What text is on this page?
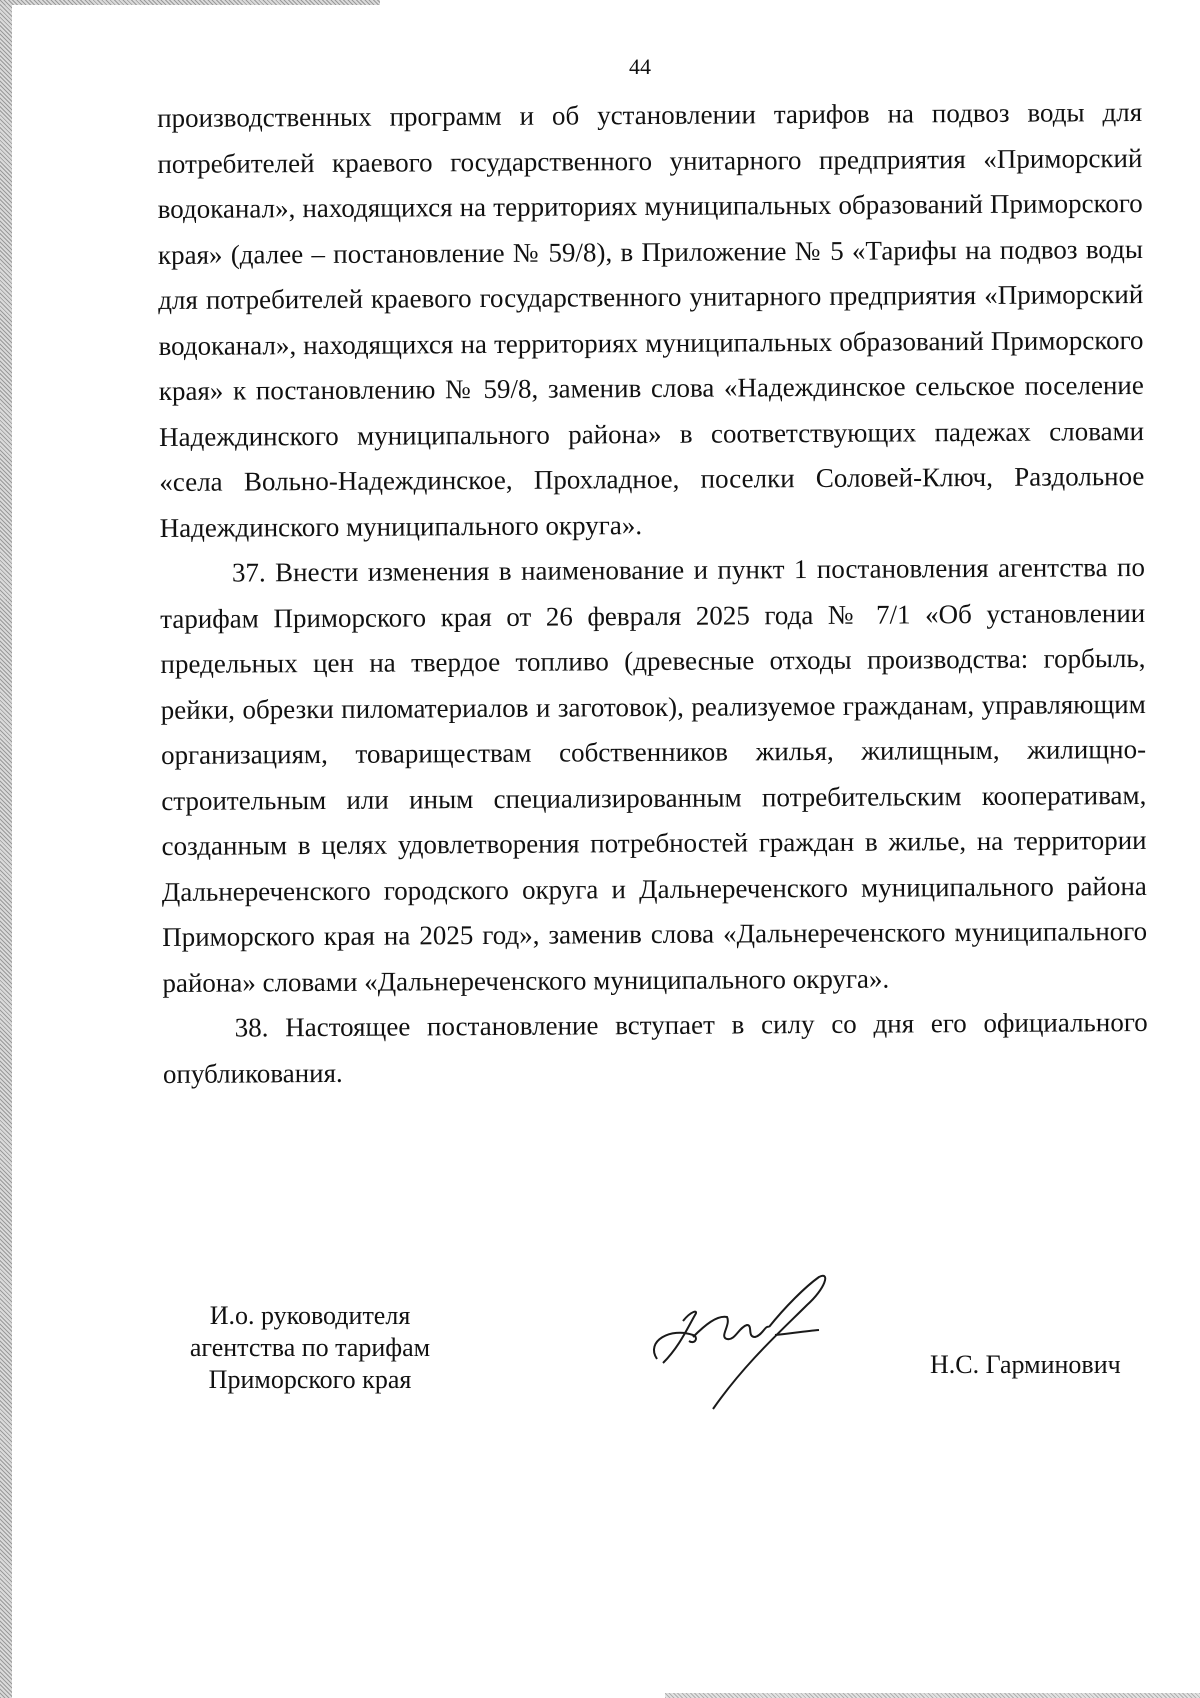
44

производственных программ и об установлении тарифов на подвоз воды для потребителей краевого государственного унитарного предприятия «Приморский водоканал», находящихся на территориях муниципальных образований Приморского края» (далее – постановление № 59/8), в Приложение № 5 «Тарифы на подвоз воды для потребителей краевого государственного унитарного предприятия «Приморский водоканал», находящихся на территориях муниципальных образований Приморского края» к постановлению № 59/8, заменив слова «Надеждинское сельское поселение Надеждинского муниципального района» в соответствующих падежах словами «села Вольно-Надеждинское, Прохладное, поселки Соловей-Ключ, Раздольное Надеждинского муниципального округа».

37. Внести изменения в наименование и пункт 1 постановления агентства по тарифам Приморского края от 26 февраля 2025 года № 7/1 «Об установлении предельных цен на твердое топливо (древесные отходы производства: горбыль, рейки, обрезки пиломатериалов и заготовок), реализуемое гражданам, управляющим организациям, товариществам собственников жилья, жилищным, жилищно-строительным или иным специализированным потребительским кооперативам, созданным в целях удовлетворения потребностей граждан в жилье, на территории Дальнереченского городского округа и Дальнереченского муниципального района Приморского края на 2025 год», заменив слова «Дальнереченского муниципального района» словами «Дальнереченского муниципального округа».

38. Настоящее постановление вступает в силу со дня его официального опубликования.

И.о. руководителя
агентства по тарифам
Приморского края
Н.С. Гарминович
